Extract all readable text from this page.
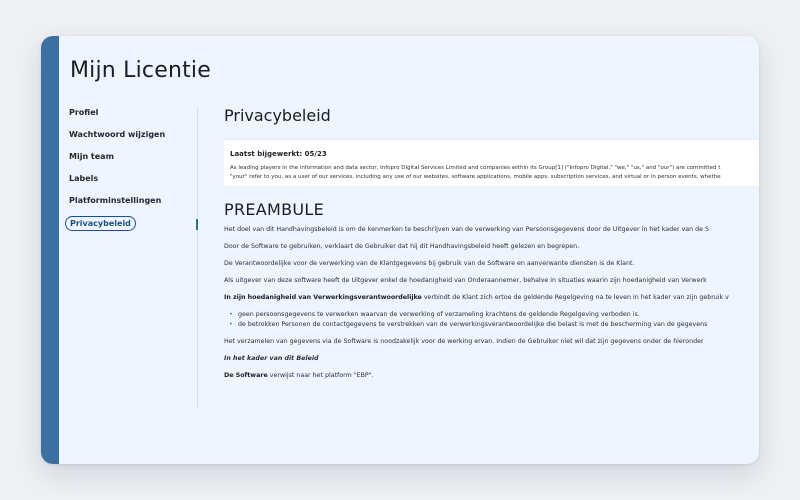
Mijn Licentie
Profiel
Wachtwoord wijzigen
Mijn team
Labels
Platforminstellingen
Privacybeleid
Privacybeleid
Laatst bijgewerkt: 05/23
As leading players in the information and data sector, Infopro Digital Services Limited and companies within its Group[1] ("Infopro Digital," "we," "us," and "our") are committed t
"your" refer to you, as a user of our services, including any use of our websites, software applications, mobile apps, subscription services, and virtual or in person events, whethe
PREAMBULE

Het doel van dit Handhavingsbeleid is om de kenmerken te beschrijven van de verwerking van Persoonsgegevens door de Uitgever in het kader van de S

Door de Software te gebruiken, verklaart de Gebruiker dat hij dit Handhavingsbeleid heeft gelezen en begrepen.

De Verantwoordelijke voor de verwerking van de Klantgegevens bij gebruik van de Software en aanverwante diensten is de Klant.

Als uitgever van deze software heeft de Uitgever enkel de hoedanigheid van Onderaannemer, behalve in situaties waarin zijn hoedanigheid van Verwerk

In zijn hoedanigheid van Verwerkingsverantwoordelijke verbindt de Klant zich ertoe de geldende Regelgeving na te leven in het kader van zijn gebruik v

• geen persoonsgegevens te verwerken waarvan de verwerking of verzameling krachtens de geldende Regelgeving verboden is.
• de betrokken Personen de contactgegevens te verstrekken van de verwerkingsverantwoordelijke die belast is met de bescherming van de gegevens

Het verzamelen van gegevens via de Software is noodzakelijk voor de werking ervan. Indien de Gebruiker niet wil dat zijn gegevens onder de hieronder

In het kader van dit Beleid

De Software verwijst naar het platform "EBP".
